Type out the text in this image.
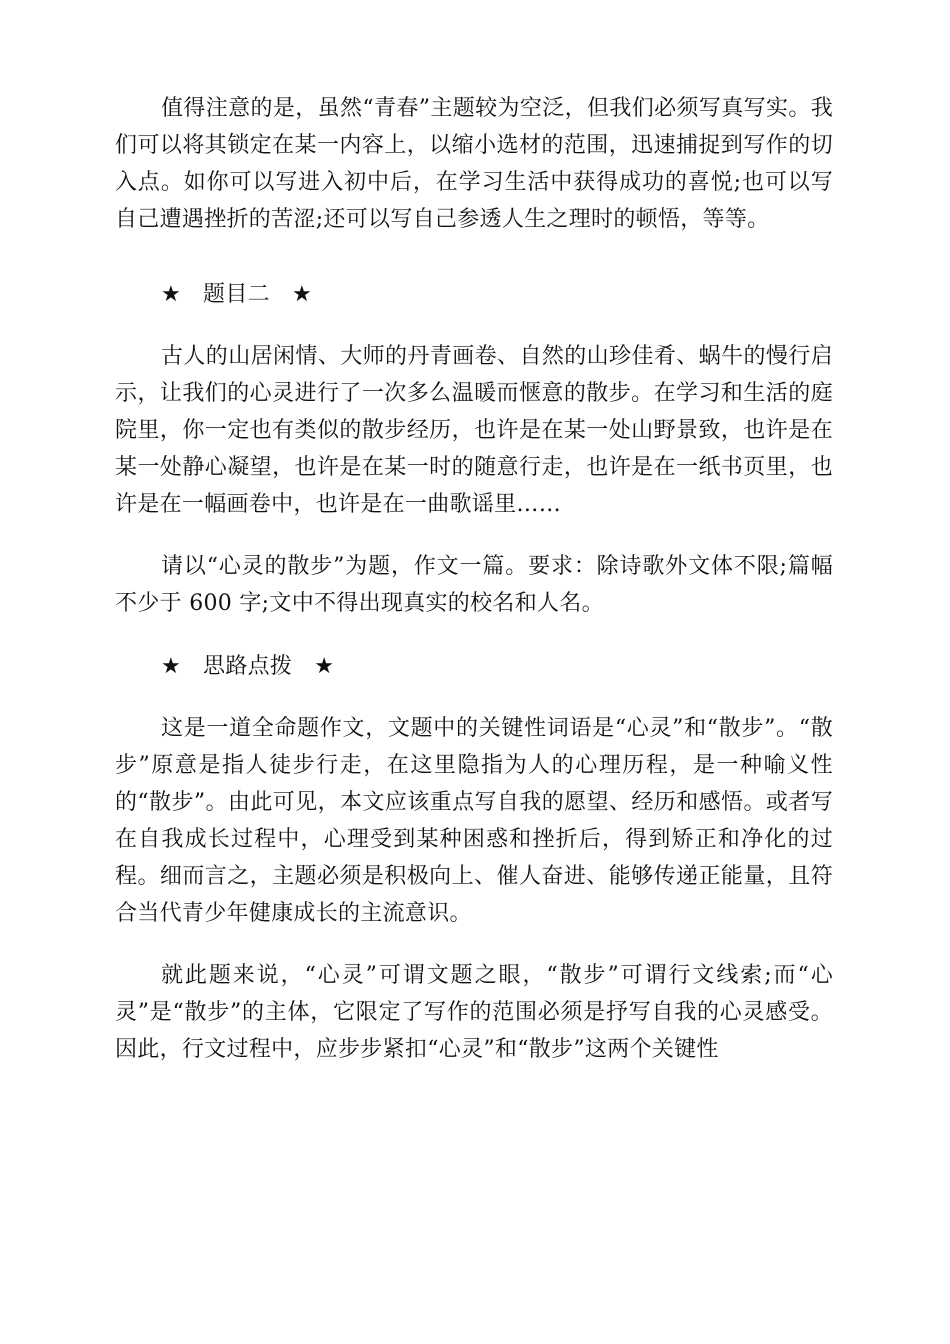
值得注意的是，虽然“青春”主题较为空泛，但我们必须写真写实。我们可以将其锁定在某一内容上，以缩小选材的范围，迅速捕捉到写作的切入点。如你可以写进入初中后，在学习生活中获得成功的喜悦;也可以写自己遭遇挫折的苦涩;还可以写自己参透人生之理时的顿悟，等等。

★ 题目二 ★

古人的山居闲情、大师的丹青画卷、自然的山珍佳肴、蜗牛的慢行启示，让我们的心灵进行了一次多么温暖而惬意的散步。在学习和生活的庭院里，你一定也有类似的散步经历，也许是在某一处山野景致，也许是在某一处静心凝望，也许是在某一时的随意行走，也许是在一纸书页里，也许是在一幅画卷中，也许是在一曲歌谣里……

请以“心灵的散步”为题，作文一篇。要求：除诗歌外文体不限;篇幅不少于 600 字;文中不得出现真实的校名和人名。

★ 思路点拨 ★

这是一道全命题作文，文题中的关键性词语是“心灵”和“散步”。“散步”原意是指人徒步行走，在这里隐指为人的心理历程，是一种喻义性的“散步”。由此可见，本文应该重点写自我的愿望、经历和感悟。或者写在自我成长过程中，心理受到某种困惑和挫折后，得到矫正和净化的过程。细而言之，主题必须是积极向上、催人奋进、能够传递正能量，且符合当代青少年健康成长的主流意识。

就此题来说，“心灵”可谓文题之眼，“散步”可谓行文线索;而“心灵”是“散步”的主体，它限定了写作的范围必须是抒写自我的心灵感受。因此，行文过程中，应步步紧扣“心灵”和“散步”这两个关键性
